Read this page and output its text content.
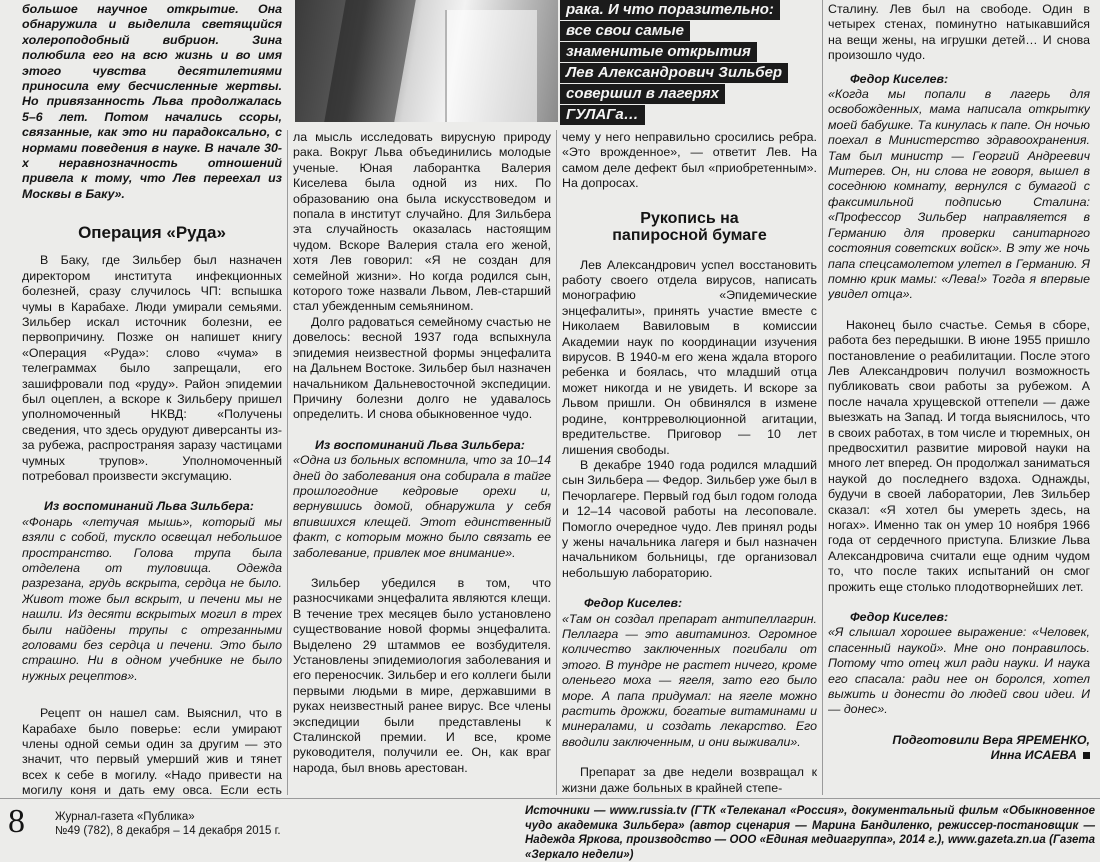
большое научное открытие. Она обнаружила и выделила светящийся холероподобный вибрион. Зина полюбила его на всю жизнь и во имя этого чувства десятилетиями приносила ему бесчисленные жертвы. Но привязанность Льва продолжалась 5–6 лет. Потом начались ссоры, связанные, как это ни парадоксально, с нормами поведения в науке. В начале 30-х неравнозначность отношений привела к тому, что Лев переехал из Москвы в Баку».

Операция «Руда»

В Баку, где Зильбер был назначен директором института инфекционных болезней, сразу случилось ЧП: вспышка чумы в Карабахе. Люди умирали семьями. Зильбер искал источник болезни, ее первопричину. Позже он напишет книгу «Операция «Руда»: слово «чума» в телеграммах было запрещали, его зашифровали под «руду». Район эпидемии был оцеплен, а вскоре к Зильберу пришел уполномоченный НКВД: «Получены сведения, что здесь орудуют диверсанты из-за рубежа, распространяя заразу частицами чумных трупов». Уполномоченный потребовал произвести эксгумацию.

Из воспоминаний Льва Зильбера:

«Фонарь «летучая мышь», который мы взяли с собой, тускло освещал небольшое пространство. Голова трупа была отделена от туловища. Одежда разрезана, грудь вскрыта, сердца не было. Живот тоже был вскрыт, и печени мы не нашли. Из десяти вскрытых могил в трех были найдены трупы с отрезанными головами без сердца и печени. Это было страшно. Ни в одном учебнике не было нужных рецептов».

Рецепт он нашел сам. Выяснил, что в Карабахе было поверье: если умирают члены одной семьи один за другим — это значит, что первый умерший жив и тянет всех к себе в могилу. «Надо привести на могилу коня и дать ему овса. Если есть

рака. И что поразительно:
все свои самые
знаменитые открытия
Лев Александрович Зильбер
совершил в лагерях
ГУЛАГа…

ла мысль исследовать вирусную природу рака. Вокруг Льва объединились молодые ученые. Юная лаборантка Валерия Киселева была одной из них. По образованию она была искусствоведом и попала в институт случайно. Для Зильбера эта случайность оказалась настоящим чудом. Вскоре Валерия стала его женой, хотя Лев говорил: «Я не создан для семейной жизни». Но когда родился сын, которого тоже назвали Львом, Лев-старший стал убежденным семьянином.

Долго радоваться семейному счастью не довелось: весной 1937 года вспыхнула эпидемия неизвестной формы энцефалита на Дальнем Востоке. Зильбер был назначен начальником Дальневосточной экспедиции. Причину болезни долго не удавалось определить. И снова обыкновенное чудо.

Из воспоминаний Льва Зильбера:

«Одна из больных вспомнила, что за 10–14 дней до заболевания она собирала в тайге прошлогодние кедровые орехи и, вернувшись домой, обнаружила у себя впившихся клещей. Этот единственный факт, с которым можно было связать ее заболевание, привлек мое внимание».

Зильбер убедился в том, что разносчиками энцефалита являются клещи. В течение трех месяцев было установлено существование новой формы энцефалита. Выделено 29 штаммов ее возбудителя. Установлены эпидемиология заболевания и его переносчик. Зильбер и его коллеги были первыми людьми в мире, державшими в руках неизвестный ранее вирус. Все члены экспедиции были представлены к Сталинской премии. И все, кроме руководителя, получили ее. Он, как враг народа, был вновь арестован.

чему у него неправильно сросились ребра. «Это врожденное», — ответит Лев. На самом деле дефект был «приобретенным». На допросах.

Рукопись на
папиросной бумаге

Лев Александрович успел восстановить работу своего отдела вирусов, написать монографию «Эпидемические энцефалиты», принять участие вместе с Николаем Вавиловым в комиссии Академии наук по координации изучения вирусов. В 1940-м его жена ждала второго ребенка и боялась, что младший отца может никогда и не увидеть. И вскоре за Львом пришли. Он обвинялся в измене родине, контрреволюционной агитации, вредительстве. Приговор — 10 лет лишения свободы.

В декабре 1940 года родился младший сын Зильбера — Федор. Зильбер уже был в Печорлагере. Первый год был годом голода и 12–14 часовой работы на лесоповале. Помогло очередное чудо. Лев принял роды у жены начальника лагеря и был назначен начальником больницы, где организовал небольшую лабораторию.

Федор Киселев:

«Там он создал препарат антипеллагрин. Пеллагра — это авитаминоз. Огромное количество заключенных погибали от этого. В тундре не растет ничего, кроме оленьего моха — ягеля, зато его было море. А папа придумал: на ягеле можно растить дрожжи, богатые витаминами и минералами, и создать лекарство. Его вводили заключенным, и они выживали».

Препарат за две недели возвращал к жизни даже больных в крайней степе-

Сталину. Лев был на свободе. Один в четырех стенах, поминутно натыкавшийся на вещи жены, на игрушки детей… И снова произошло чудо.

Федор Киселев:

«Когда мы попали в лагерь для освобожденных, мама написала открытку моей бабушке. Та кинулась к папе. Он ночью поехал в Министерство здравоохранения. Там был министр — Георгий Андреевич Митерев. Он, ни слова не говоря, вышел в соседнюю комнату, вернулся с бумагой с факсимильной подписью Сталина: «Профессор Зильбер направляется в Германию для проверки санитарного состояния советских войск». В эту же ночь папа спецсамолетом улетел в Германию. Я помню крик мамы: «Лева!» Тогда я впервые увидел отца».

Наконец было счастье. Семья в сборе, работа без передышки. В июне 1955 пришло постановление о реабилитации. После этого Лев Александрович получил возможность публиковать свои работы за рубежом. А после начала хрущевской оттепели — даже выезжать на Запад. И тогда выяснилось, что в своих работах, в том числе и тюремных, он предвосхитил развитие мировой науки на много лет вперед. Он продолжал заниматься наукой до последнего вздоха. Однажды, будучи в своей лаборатории, Лев Зильбер сказал: «Я хотел бы умереть здесь, на ногах». Именно так он умер 10 ноября 1966 года от сердечного приступа. Близкие Льва Александровича считали еще одним чудом то, что после таких испытаний он смог прожить еще столько плодотворнейших лет.

Федор Киселев:

«Я слышал хорошее выражение: «Человек, спасенный наукой». Мне оно понравилось. Потому что отец жил ради науки. И наука его спасала: ради нее он боролся, хотел выжить и донести до людей свои идеи. И — донес».

Подготовили Вера ЯРЕМЕНКО,

Инна ИСАЕВА

8	Журнал-газета «Публика»
№49 (782), 8 декабря – 14 декабря 2015 г.
Источники — www.russia.tv (ГТК «Телеканал «Россия», документальный фильм «Обыкновенное чудо академика Зильбера» (автор сценария — Марина Бандиленко, режиссер-постановщик — Надежда Яркова, производство — ООО «Единая медиагруппа», 2014 г.), www.gazeta.zn.ua (Газета «Зеркало недели»)
